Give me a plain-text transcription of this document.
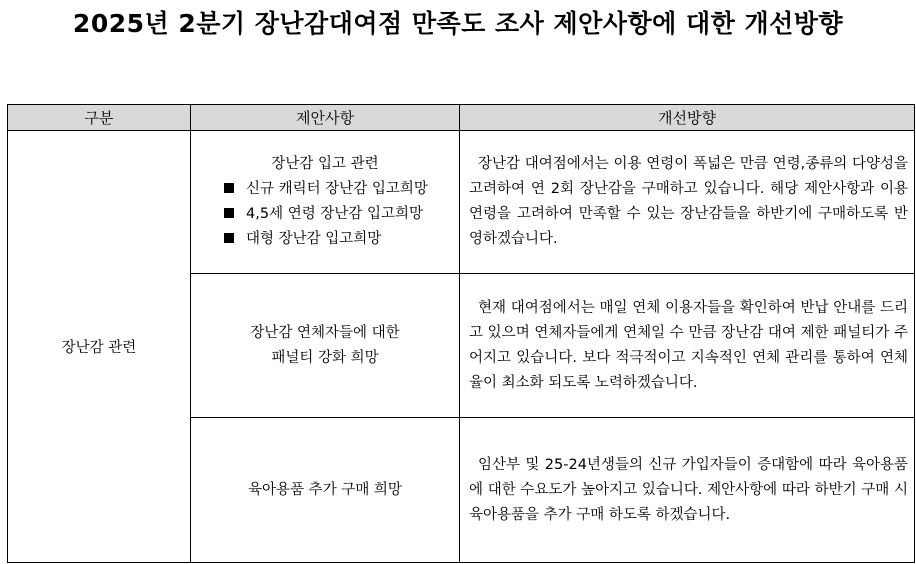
2025년 2분기 장난감대여점 만족도 조사 제안사항에 대한 개선방향
구분	제안사항	개선방향
장난감 관련	장난감 입고 관련
신규 캐릭터 장난감 입고희망
4,5세 연령 장난감 입고희망
대형 장난감 입고희망	장난감 대여점에서는 이용 연령이 폭넓은 만큼 연령,종류의 다양성을 고려하여 연 2회 장난감을 구매하고 있습니다. 해당 제안사항과 이용 연령을 고려하여 만족할 수 있는 장난감들을 하반기에 구매하도록 반영하겠습니다.

	장난감 연체자들에 대한
패널티 강화 희망	현재 대여점에서는 매일 연체 이용자들을 확인하여 반납 안내를 드리고 있으며 연체자들에게 연체일 수 만큼 장난감 대여 제한 패널티가 주어지고 있습니다. 보다 적극적이고 지속적인 연체 관리를 통하여 연체율이 최소화 되도록 노력하겠습니다.

	육아용품 추가 구매 희망	임산부 및 25-24년생들의 신규 가입자들이 증대함에 따라 육아용품에 대한 수요도가 높아지고 있습니다. 제안사항에 따라 하반기 구매 시 육아용품을 추가 구매 하도록 하겠습니다.
